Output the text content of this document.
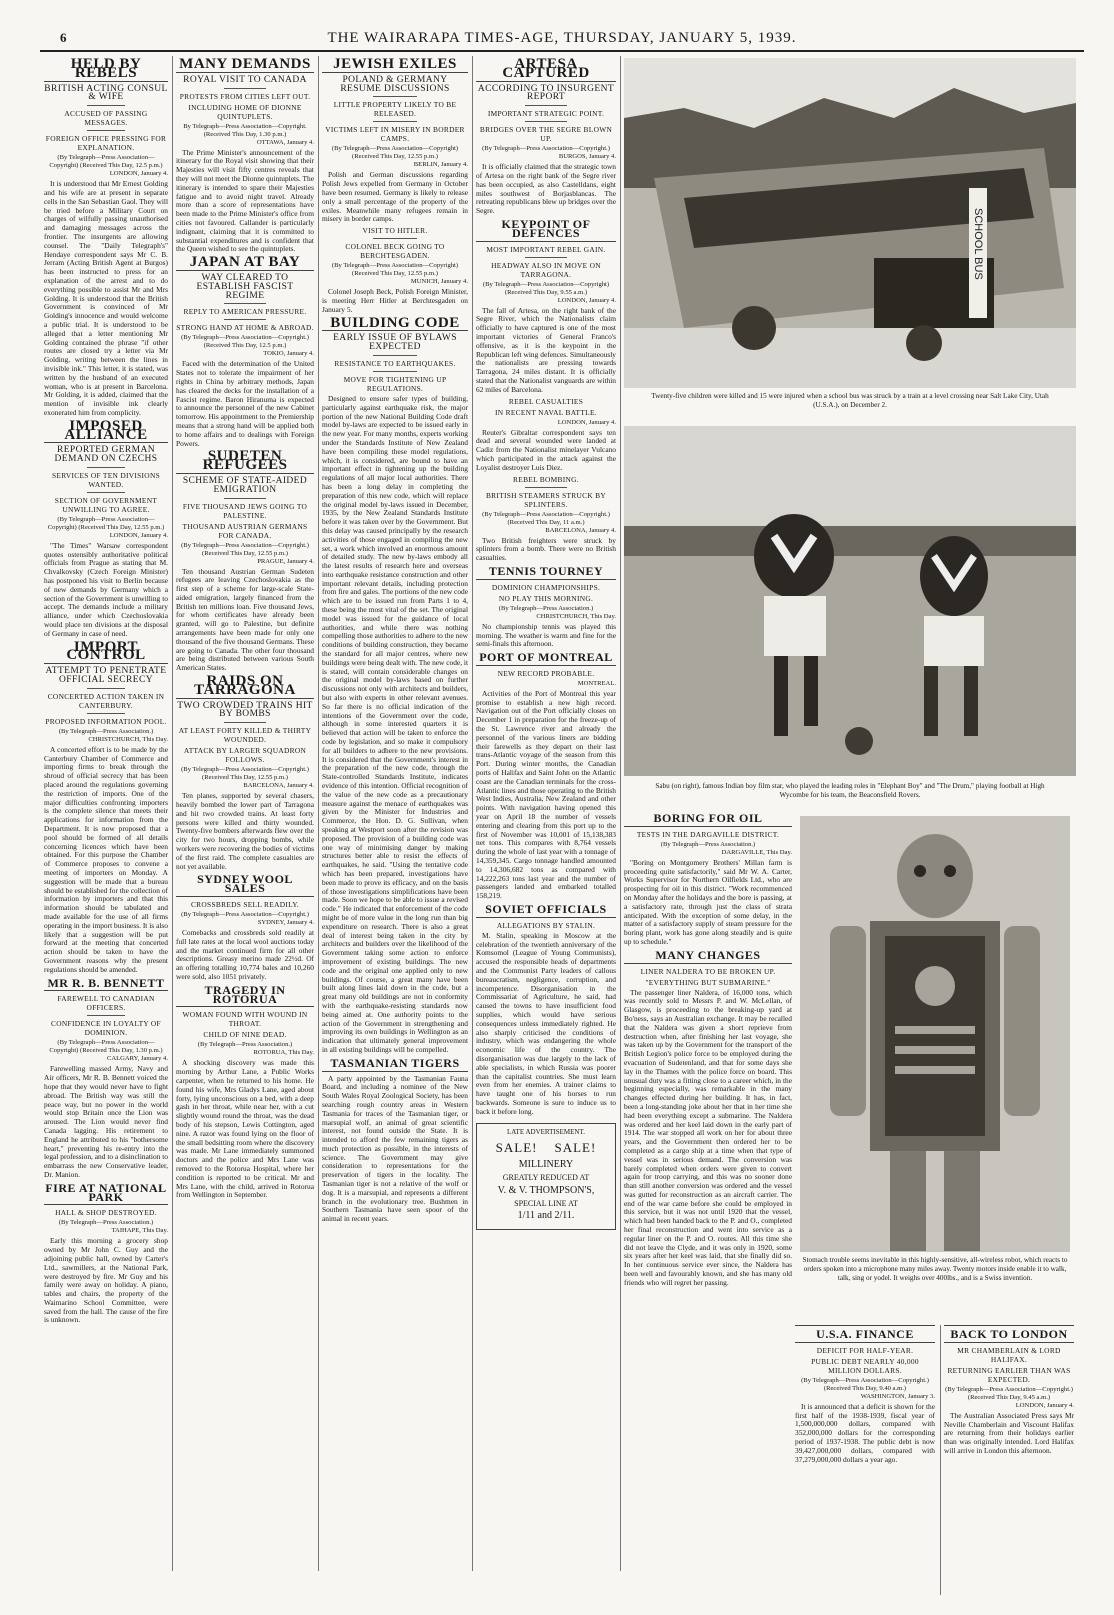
6	THE WAIRARAPA TIMES-AGE, THURSDAY, JANUARY 5, 1939.
HELD BY REBELS
BRITISH ACTING CONSUL & WIFE
ACCUSED OF PASSING MESSAGES.
FOREIGN OFFICE PRESSING FOR EXPLANATION.
(By Telegraph—Press Association—Copyright) (Received This Day, 12.5 p.m.)
LONDON, January 4.

It is understood that Mr Ernest Golding and his wife are at present in separate cells in the San Sebastian Gaol. They will be tried before a Military Court on charges of wilfully passing unauthorised and damaging messages across the frontier. The insurgents are allowing counsel. The "Daily Telegraph's" Hendaye correspondent says Mr C. B. Jerram (Acting British Agent at Burgos) has been instructed to press for an explanation of the arrest and to do everything possible to assist Mr and Mrs Golding. It is understood that the British Government is convinced of Mr Golding's innocence and would welcome a public trial. It is understood to be alleged that a letter mentioning Mr Golding contained the phrase "if other routes are closed try a letter via Mr Golding, writing between the lines in invisible ink." This letter, it is stated, was written by the husband of an executed woman, who is at present in Barcelona. Mr Golding, it is added, claimed that the mention of invisible ink clearly exonerated him from complicity.

IMPOSED ALLIANCE
REPORTED GERMAN DEMAND ON CZECHS
SERVICES OF TEN DIVISIONS WANTED.
SECTION OF GOVERNMENT UNWILLING TO AGREE.
(By Telegraph—Press Association—Copyright) (Received This Day, 12.55 p.m.)
LONDON, January 4.

"The Times" Warsaw correspondent quotes ostensibly authoritative political officials from Prague as stating that M. Chvalkovsky (Czech Foreign Minister) has postponed his visit to Berlin because of new demands by Germany which a section of the Government is unwilling to accept. The demands include a military alliance, under which Czechoslovakia would place ten divisions at the disposal of Germany in case of need.

IMPORT CONTROL
ATTEMPT TO PENETRATE OFFICIAL SECRECY
CONCERTED ACTION TAKEN IN CANTERBURY.
PROPOSED INFORMATION POOL.
(By Telegraph—Press Association.)
CHRISTCHURCH, This Day.

A concerted effort is to be made by the Canterbury Chamber of Commerce and importing firms to break through the shroud of official secrecy that has been placed around the regulations governing the restriction of imports. One of the major difficulties confronting importers is the complete silence that meets their applications for information from the Department. It is now proposed that a pool should be formed of all details concerning licences which have been obtained. For this purpose the Chamber of Commerce proposes to convene a meeting of importers on Monday. A suggestion will be made that a bureau should be established for the collection of information by importers and that this information should be tabulated and made available for the use of all firms operating in the import business. It is also likely that a suggestion will be put forward at the meeting that concerted action should be taken to have the Government reasons why the present regulations should be amended.

MR R. B. BENNETT
FAREWELL TO CANADIAN OFFICERS.
CONFIDENCE IN LOYALTY OF DOMINION.
(By Telegraph—Press Association—Copyright) (Received This Day, 1.30 p.m.)
CALGARY, January 4.

Farewelling massed Army, Navy and Air officers, Mr R. B. Bennett voiced the hope that they would never have to fight abroad. The British way was still the peace way, but no power in the world would stop Britain once the Lion was aroused. The Lion would never find Canada lagging. His retirement to England he attributed to his "bothersome heart," preventing his re-entry into the legal profession, and to a disinclination to embarrass the new Conservative leader, Dr. Manion.

FIRE AT NATIONAL PARK
HALL & SHOP DESTROYED.
(By Telegraph—Press Association.)
TAIHAPE, This Day.

Early this morning a grocery shop owned by Mr John C. Guy and the adjoining public hall, owned by Carter's Ltd., sawmillers, at the National Park, were destroyed by fire. Mr Guy and his family were away on holiday. A piano, tables and chairs, the property of the Waimarino School Committee, were saved from the hall. The cause of the fire is unknown.

MANY DEMANDS
ROYAL VISIT TO CANADA
PROTESTS FROM CITIES LEFT OUT.
INCLUDING HOME OF DIONNE QUINTUPLETS.
By Telegraph—Press Association—Copyright. (Received This Day, 1.30 p.m.)
OTTAWA, January 4.

The Prime Minister's announcement of the itinerary for the Royal visit showing that their Majesties will visit fifty centres reveals that they will not meet the Dionne quintuplets. The itinerary is intended to spare their Majesties fatigue and to avoid night travel. Already more than a score of representations have been made to the Prime Minister's office from cities not favoured. Callander is particularly indignant, claiming that it is committed to substantial expenditures and is confident that the Queen wished to see the quintuplets.

JAPAN AT BAY
WAY CLEARED TO ESTABLISH FASCIST REGIME
REPLY TO AMERICAN PRESSURE.
STRONG HAND AT HOME & ABROAD.
(By Telegraph—Press Association—Copyright.) (Received This Day, 12.5 p.m.)
TOKIO, January 4.

Faced with the determination of the United States not to tolerate the impairment of her rights in China by arbitrary methods, Japan has cleared the decks for the installation of a Fascist regime. Baron Hiranuma is expected to announce the personnel of the new Cabinet tomorrow. His appointment to the Premiership means that a strong hand will be applied both to home affairs and to dealings with Foreign Powers.

SUDETEN REFUGEES
SCHEME OF STATE-AIDED EMIGRATION
FIVE THOUSAND JEWS GOING TO PALESTINE.
THOUSAND AUSTRIAN GERMANS FOR CANADA.
(By Telegraph—Press Association—Copyright.) (Received This Day, 12.55 p.m.)
PRAGUE, January 4.

Ten thousand Austrian German Sudeten refugees are leaving Czechoslovakia as the first step of a scheme for large-scale State-aided emigration, largely financed from the British ten millions loan. Five thousand Jews, for whom certificates have already been granted, will go to Palestine, but definite arrangements have been made for only one thousand of the five thousand Germans. These are going to Canada. The other four thousand are being distributed between various South American States.

RAIDS ON TARRAGONA
TWO CROWDED TRAINS HIT BY BOMBS
AT LEAST FORTY KILLED & THIRTY WOUNDED.
ATTACK BY LARGER SQUADRON FOLLOWS.
(By Telegraph—Press Association—Copyright.) (Received This Day, 12.55 p.m.)
BARCELONA, January 4.

Ten planes, supported by several chasers, heavily bombed the lower part of Tarragona and hit two crowded trains. At least forty persons were killed and thirty wounded. Twenty-five bombers afterwards flew over the city for two hours, dropping bombs, while workers were recovering the bodies of victims of the first raid. The complete casualties are not yet available.

SYDNEY WOOL SALES
CROSSBREDS SELL READILY.
(By Telegraph—Press Association—Copyright.)
SYDNEY, January 4.

Comebacks and crossbreds sold readily at full late rates at the local wool auctions today and the market continued firm for all other descriptions. Greasy merino made 22½d. Of an offering totalling 10,774 bales and 10,260 were sold, also 1051 privately.

TRAGEDY IN ROTORUA
WOMAN FOUND WITH WOUND IN THROAT.
CHILD OF NINE DEAD.
(By Telegraph—Press Association.)
ROTORUA, This Day.

A shocking discovery was made this morning by Arthur Lane, a Public Works carpenter, when he returned to his home. He found his wife, Mrs Gladys Lane, aged about forty, lying unconscious on a bed, with a deep gash in her throat, while near her, with a cut slightly wound round the throat, was the dead body of his stepson, Lewis Cottington, aged nine. A razor was found lying on the floor of the small bedsitting room where the discovery was made. Mr Lane immediately summoned doctors and the police and Mrs Lane was removed to the Rotorua Hospital, where her condition is reported to be critical. Mr and Mrs Lane, with the child, arrived in Rotorua from Wellington in September.

JEWISH EXILES
POLAND & GERMANY RESUME DISCUSSIONS
LITTLE PROPERTY LIKELY TO BE RELEASED.
VICTIMS LEFT IN MISERY IN BORDER CAMPS.
(By Telegraph—Press Association—Copyright) (Received This Day, 12.55 p.m.)
BERLIN, January 4.

Polish and German discussions regarding Polish Jews expelled from Germany in October have been resumed. Germany is likely to release only a small percentage of the property of the exiles. Meanwhile many refugees remain in misery in border camps.

VISIT TO HITLER.
COLONEL BECK GOING TO BERCHTESGADEN.
(By Telegraph—Press Association—Copyright) (Received This Day, 12.55 p.m.)
MUNICH, January 4.

Colonel Joseph Beck, Polish Foreign Minister, is meeting Herr Hitler at Berchtesgaden on January 5.

BUILDING CODE
EARLY ISSUE OF BYLAWS EXPECTED
RESISTANCE TO EARTHQUAKES.
MOVE FOR TIGHTENING UP REGULATIONS.

Designed to ensure safer types of building, particularly against earthquake risk, the major portion of the new National Building Code draft model by-laws are expected to be issued early in the new year. For many months, experts working under the Standards Institute of New Zealand have been compiling these model regulations, which, it is considered, are bound to have an important effect in tightening up the building regulations of all major local authorities. There has been a long delay in completing the preparation of this new code, which will replace the original model by-laws issued in December, 1935, by the New Zealand Standards Institute before it was taken over by the Government. But this delay was caused principally by the research activities of those engaged in compiling the new set, a work which involved an enormous amount of detailed study. The new by-laws embody all the latest results of research here and overseas into earthquake resistance construction and other important relevant details, including protection from fire and gales. The portions of the new code which are to be issued run from Parts 1 to 4, these being the most vital of the set. The original model was issued for the guidance of local authorities, and while there was nothing compelling those authorities to adhere to the new conditions of building construction, they became the standard for all major centres, where new buildings were being dealt with. The new code, it is stated, will contain considerable changes on the original model by-laws based on further discussions not only with architects and builders, but also with experts in other relevant avenues. So far there is no official indication of the intentions of the Government over the code, although in some interested quarters it is believed that action will be taken to enforce the code by legislation, and so make it compulsory for all builders to adhere to the new provisions. It is considered that the Government's interest in the preparation of the new code, through the State-controlled Standards Institute, indicates evidence of this intention. Official recognition of the value of the new code as a precautionary measure against the menace of earthquakes was given by the Minister for Industries and Commerce, the Hon. D. G. Sullivan, when speaking at Westport soon after the revision was proposed. The provision of a building code was one way of minimising danger by making structures better able to resist the effects of earthquakes, he said. "Using the tentative code which has been prepared, investigations have been made to prove its efficacy, and on the basis of those investigations simplifications have been made. Soon we hope to be able to issue a revised code." He indicated that enforcement of the code might be of more value in the long run than big expenditure on research. There is also a great deal of interest being taken in the city by architects and builders over the likelihood of the Government taking some action to enforce improvement of existing buildings. The new code and the original one applied only to new buildings. Of course, a great many have been built along lines laid down in the code, but a great many old buildings are not in conformity with the earthquake-resisting standards now being aimed at. One authority points to the action of the Government in strengthening and improving its own buildings in Wellington as an indication that ultimately general improvement in all existing buildings will be compelled.

TASMANIAN TIGERS

A party appointed by the Tasmanian Fauna Board, and including a nominee of the New South Wales Royal Zoological Society, has been searching rough country areas in Western Tasmania for traces of the Tasmanian tiger, or marsupial wolf, an animal of great scientific interest, not found outside the State. It is intended to afford the few remaining tigers as much protection as possible, in the interests of science. The Government may give consideration to representations for the preservation of tigers in the locality. The Tasmanian tiger is not a relative of the wolf or dog. It is a marsupial, and represents a different branch in the evolutionary tree. Bushmen in Southern Tasmania have seen spoor of the animal in recent years.

ARTESA CAPTURED
ACCORDING TO INSURGENT REPORT
IMPORTANT STRATEGIC POINT.
BRIDGES OVER THE SEGRE BLOWN UP.
(By Telegraph—Press Association—Copyright.)
BURGOS, January 4.

It is officially claimed that the strategic town of Artesa on the right bank of the Segre river has been occupied, as also Castelldans, eight miles southwest of Borjasblancas. The retreating republicans blew up bridges over the Segre.

KEYPOINT OF DEFENCES
MOST IMPORTANT REBEL GAIN.
HEADWAY ALSO IN MOVE ON TARRAGONA.
(By Telegraph—Press Association—Copyright) (Received This Day, 9.55 a.m.)
LONDON, January 4.

The fall of Artesa, on the right bank of the Segre River, which the Nationalists claim officially to have captured is one of the most important victories of General Franco's offensive, as it is the keypoint in the Republican left wing defences. Simultaneously the nationalists are pressing towards Tarragona, 24 miles distant. It is officially stated that the Nationalist vanguards are within 62 miles of Barcelona.

REBEL CASUALTIES
IN RECENT NAVAL BATTLE.
LONDON, January 4.

Reuter's Gibraltar correspondent says ten dead and several wounded were landed at Cadiz from the Nationalist minelayer Vulcano which participated in the attack against the Loyalist destroyer Luis Diez.

REBEL BOMBING.
BRITISH STEAMERS STRUCK BY SPLINTERS.
(By Telegraph—Press Association—Copyright.) (Received This Day, 11 a.m.)
BARCELONA, January 4.

Two British freighters were struck by splinters from a bomb. There were no British casualties.

TENNIS TOURNEY
DOMINION CHAMPIONSHIPS.
NO PLAY THIS MORNING.
(By Telegraph—Press Association.)
CHRISTCHURCH, This Day.

No championship tennis was played this morning. The weather is warm and fine for the semi-finals this afternoon.

PORT OF MONTREAL
NEW RECORD PROBABLE.
MONTREAL.

Activities of the Port of Montreal this year promise to establish a new high record. Navigation out of the Port officially closes on December 1 in preparation for the freeze-up of the St. Lawrence river and already the personnel of the various liners are bidding their farewells as they depart on their last trans-Atlantic voyage of the season from this Port. During winter months, the Canadian ports of Halifax and Saint John on the Atlantic coast are the Canadian terminals for the cross-Atlantic lines and those operating to the British West Indies, Australia, New Zealand and other points. With navigation having opened this year on April 18 the number of vessels entering and clearing from this port up to the first of November was 10,001 of 15,138,383 net tons. This compares with 8,764 vessels during the whole of last year with a tonnage of 14,359,345. Cargo tonnage handled amounted to 14,306,682 tons as compared with 14,222,263 tons last year and the number of passengers landed and embarked totalled 158,219.

SOVIET OFFICIALS
ALLEGATIONS BY STALIN.

M. Stalin, speaking in Moscow at the celebration of the twentieth anniversary of the Komsomol (League of Young Communists), accused the responsible heads of departments and the Communist Party leaders of callous bureaucratism, negligence, corruption, and incompetence. Disorganisation in the Commissariat of Agriculture, he said, had caused the towns to have insufficient food supplies, which would have serious consequences unless immediately righted. He also sharply criticised the conditions of industry, which was endangering the whole economic life of the country. The disorganisation was due largely to the lack of able specialists, in which Russia was poorer than the capitalist countries. She must learn even from her enemies. A trainer claims to have taught one of his horses to run backwards. Someone is sure to induce us to back it before long.

LATE ADVERTISEMENT.
SALE! SALE!
MILLINERY
GREATLY REDUCED AT
V. & V. THOMPSON'S,
SPECIAL LINE AT
1/11 and 2/11.
SCHOOL BUS
Twenty-five children were killed and 15 were injured when a school bus was struck by a train at a level crossing near Salt Lake City, Utah (U.S.A.), on December 2.
Sabu (on right), famous Indian boy film star, who played the leading roles in "Elephant Boy" and "The Drum," playing football at High Wycombe for his team, the Beaconsfield Rovers.
BORING FOR OIL
TESTS IN THE DARGAVILLE DISTRICT.
(By Telegraph—Press Association.)
DARGAVILLE, This Day.

"Boring on Montgomery Brothers' Millan farm is proceeding quite satisfactorily," said Mr W. A. Carter, Works Supervisor for Northern Oilfields Ltd., who are prospecting for oil in this district. "Work recommenced on Monday after the holidays and the bore is passing, at a satisfactory rate, through just the class of strata anticipated. With the exception of some delay, in the matter of a satisfactory supply of steam pressure for the boring plant, work has gone along steadily and is quite up to schedule."

MANY CHANGES
LINER NALDERA TO BE BROKEN UP.
"EVERYTHING BUT SUBMARINE."

The passenger liner Naldera, of 16,000 tons, which was recently sold to Messrs P. and W. McLellan, of Glasgow, is proceeding to the breaking-up yard at Bo'ness, says an Australian exchange. It may be recalled that the Naldera was given a short reprieve from destruction when, after finishing her last voyage, she was taken up by the Government for the transport of the British Legion's police force to be employed during the evacuation of Sudetenland, and that for some days she lay in the Thames with the police force on board. This unusual duty was a fitting close to a career which, in the beginning especially, was remarkable in the many changes effected during her building. It has, in fact, been a long-standing joke about her that in her time she had been everything except a submarine. The Naldera was ordered and her keel laid down in the early part of 1914. The war stopped all work on her for about three years, and the Government then ordered her to be completed as a cargo ship at a time when that type of vessel was in serious demand. The conversion was barely completed when orders were given to convert again for troop carrying, and this was no sooner done than still another conversion was ordered and the vessel was gutted for reconstruction as an aircraft carrier. The end of the war came before she could be employed in this service, but it was not until 1920 that the vessel, which had been handed back to the P. and O., completed her final reconstruction and went into service as a regular liner on the P. and O. routes. All this time she did not leave the Clyde, and it was only in 1920, some six years after her keel was laid, that she finally did so. In her continuous service ever since, the Naldera has been well and favourably known, and she has many old friends who will regret her passing.

Stomach trouble seems inevitable in this highly-sensitive, all-wireless robot, which reacts to orders spoken into a microphone many miles away. Twenty motors inside enable it to walk, talk, sing or yodel. It weighs over 400lbs., and is a Swiss invention.
U.S.A. FINANCE
DEFICIT FOR HALF-YEAR.
PUBLIC DEBT NEARLY 40,000 MILLION DOLLARS.
(By Telegraph—Press Association—Copyright.) (Received This Day, 9.40 a.m.)
WASHINGTON, January 3.

It is announced that a deficit is shown for the first half of the 1938-1939, fiscal year of 1,500,000,000 dollars, compared with 352,000,000 dollars for the corresponding period of 1937-1938. The public debt is now 39,427,000,000 dollars, compared with 37,279,000,000 dollars a year ago.

BACK TO LONDON
MR CHAMBERLAIN & LORD HALIFAX.
RETURNING EARLIER THAN WAS EXPECTED.
(By Telegraph—Press Association—Copyright.) (Received This Day, 9.45 a.m.)
LONDON, January 4.

The Australian Associated Press says Mr Neville Chamberlain and Viscount Halifax are returning from their holidays earlier than was originally intended. Lord Halifax will arrive in London this afternoon.
